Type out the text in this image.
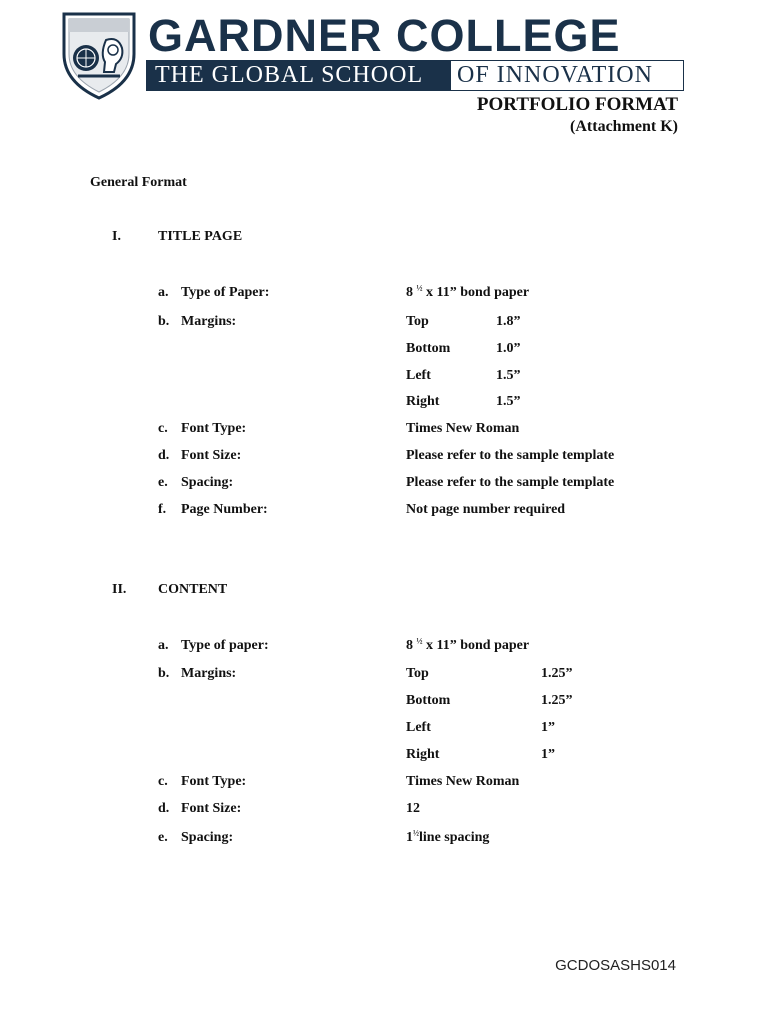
GARDNER COLLEGE
THE GLOBAL SCHOOL	OF INNOVATION
PORTFOLIO FORMAT
(Attachment K)
General Format
I.	TITLE PAGE
a. Type of Paper:	8 $^{\frac{1}{2}}$ x 11” bond paper
b. Margins:	Top	1.8”
Bottom	1.0”
Left	1.5”
Right	1.5”
c. Font Type:	Times New Roman
d. Font Size:	Please refer to the sample template
e. Spacing:	Please refer to the sample template
f. Page Number:	Not page number required
II. CONTENT
a. Type of paper:	8 $^{\frac{1}{2}}$ x 11” bond paper
b. Margins:	Top	1.25”
Bottom	1.25”
Left	1”
Right	1”
c. Font Type:	Times New Roman
d. Font Size:	12
e. Spacing:	$1^{\frac{1}{2}}line$ spacing
GCDOSASHS014
